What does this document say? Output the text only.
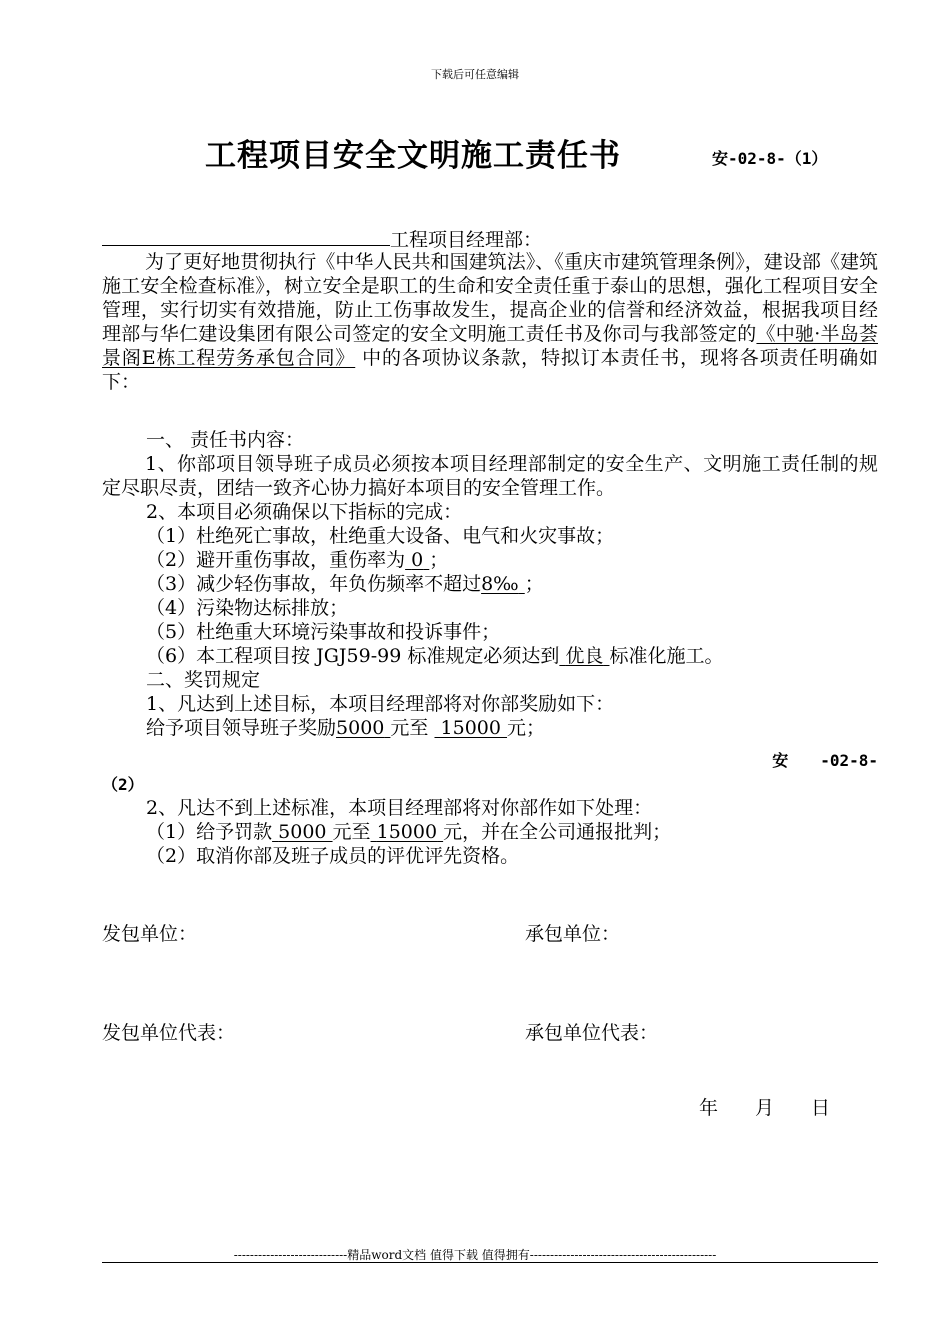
下载后可任意编辑
工程项目安全文明施工责任书	安-02-8-（1）
工程项目经理部：
为了更好地贯彻执行《中华人民共和国建筑法》、《重庆市建筑管理条例》，建设部《建筑施工安全检查标准》，树立安全是职工的生命和安全责任重于泰山的思想，强化工程项目安全管理，实行切实有效措施，防止工伤事故发生，提高企业的信誉和经济效益，根据我项目经理部与华仁建设集团有限公司签定的安全文明施工责任书及你司与我部签定的《中驰·半岛荟景阁E栋工程劳务承包合同》 中的各项协议条款，特拟订本责任书，现将各项责任明确如下：
一、 责任书内容：
1、你部项目领导班子成员必须按本项目经理部制定的安全生产、文明施工责任制的规定尽职尽责，团结一致齐心协力搞好本项目的安全管理工作。
2、本项目必须确保以下指标的完成：
（1）杜绝死亡事故，杜绝重大设备、电气和火灾事故；
（2）避开重伤事故，重伤率为 0 ；
（3）减少轻伤事故，年负伤频率不超过8‰ ；
（4）污染物达标排放；
（5）杜绝重大环境污染事故和投诉事件；
（6）本工程项目按 JGJ59-99 标准规定必须达到 优良 标准化施工。
二、奖罚规定
1、凡达到上述目标，本项目经理部将对你部奖励如下：
给予项目领导班子奖励5000 元至 15000 元；
安　　-02-8-
（2）
2、凡达不到上述标准，本项目经理部将对你部作如下处理：
（1）给予罚款 5000 元至 15000 元，并在全公司通报批判；
（2）取消你部及班子成员的评优评先资格。
发包单位：	承包单位：
发包单位代表：	承包单位代表：
年 月 日
----------------------------精品word文档 值得下载 值得拥有----------------------------------------------
